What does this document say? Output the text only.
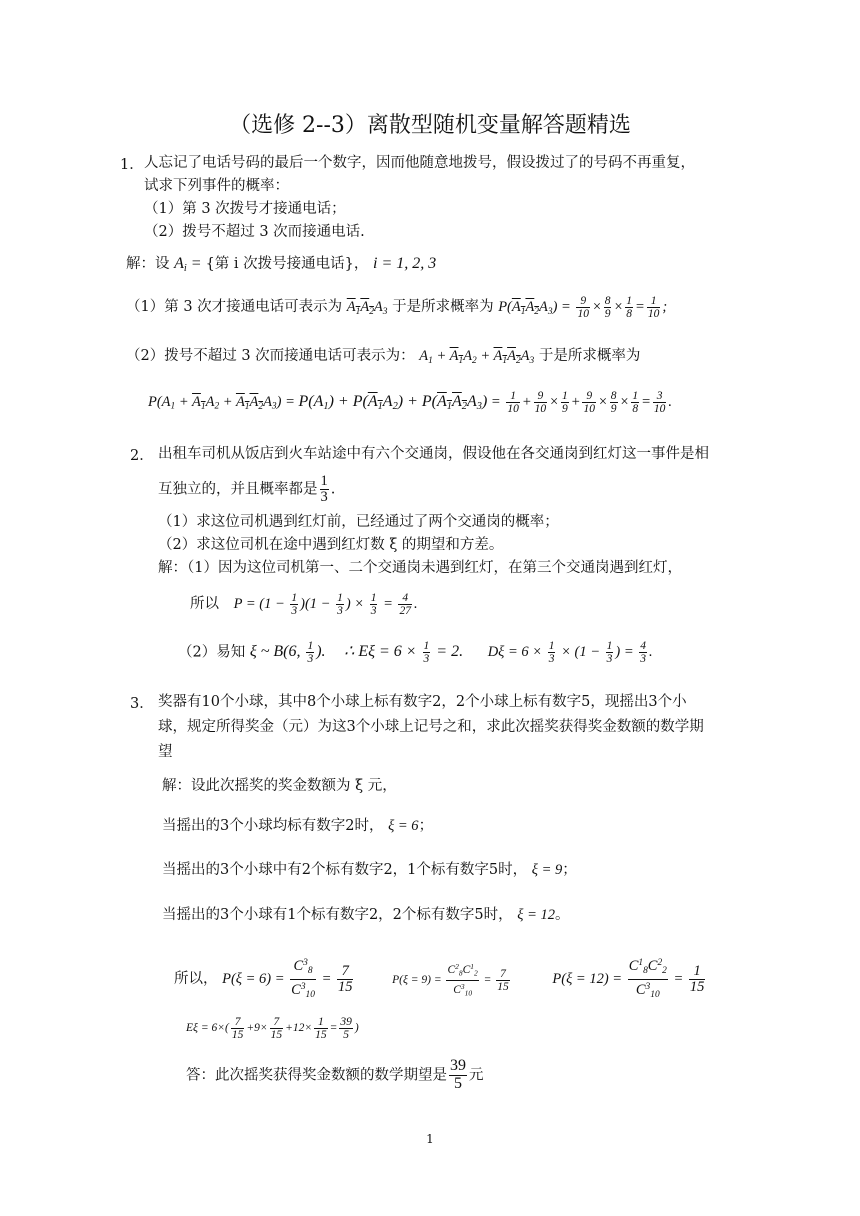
（选修 2--3）离散型随机变量解答题精选
1． 人忘记了电话号码的最后一个数字，因而他随意地拨号，假设拨过了的号码不再重复，
试求下列事件的概率：
（1）第 3 次拨号才接通电话；
（2）拨号不超过 3 次而接通电话.
解：设 $A_i$ = {第 i 次拨号接通电话}， i = 1, 2, 3
（1）第 3 次才接通电话可表示为 $A_1A_2A_3$ 于是所求概率为 $P(A_1A_2A_3) = \frac{9}{10} \times \frac{8}{9} \times \frac{1}{8} = \frac{1}{10}$ ;
（2）拨号不超过 3 次而接通电话可表示为： $A_1 + A_1A_2 + A_1A_2A_3$ 于是所求概率为
$P(A_1 + A_1A_2 + A_1A_2A_3) = P(A_1) + P(A_1A_2) + P(A_1A_2A_3) = \frac{1}{10} + \frac{9}{10} \times \frac{1}{9} + \frac{9}{10} \times \frac{8}{9} \times \frac{1}{8} = \frac{3}{10}$ .
2． 出租车司机从饭店到火车站途中有六个交通岗，假设他在各交通岗到红灯这一事件是相
互独立的，并且概率都是 $\frac{1}{3}$ .
（1）求这位司机遇到红灯前，已经通过了两个交通岗的概率；
（2）求这位司机在途中遇到红灯数 ξ 的期望和方差。
解：（1）因为这位司机第一、二个交通岗未遇到红灯，在第三个交通岗遇到红灯，
所以 $P = (1 - \frac{1}{3} )(1 - \frac{1}{3}$ ) × $\frac{1}{3} = \frac{4}{27}$ .
（2）易知 ξ ~ B(6, $\frac{1}{3}$ ). ∴ $E\xi = 6 \times \frac{1}{3} = 2$. $D\xi = 6 \times \frac{1}{3} \times (1 - \frac{1}{3}$ ) = $\frac{4}{3}$ .
3． 奖器有10个小球，其中8个小球上标有数字2，2个小球上标有数字5，现摇出3个小
球，规定所得奖金（元）为这3个小球上记号之和，求此次摇奖获得奖金数额的数学期
望
解：设此次摇奖的奖金数额为 ξ 元，
当摇出的3个小球均标有数字2时， ξ = 6；
当摇出的3个小球中有2个标有数字2，1个标有数字5时， ξ = 9；
当摇出的3个小球有1个标有数字2，2个标有数字5时， ξ = 12。
所以， $P(\xi = 6) = \frac{C^3_8}{C^3_{10}} = \frac{7}{15}$	$P(\xi = 9) = \frac{C^2_8C^1_2}{C^3_{10}} = \frac{7}{15}$	$P(\xi = 12) = \frac{C^1_8C^2_2}{C^3_{10}} = \frac{1}{15}$
$E\xi = 6\times( \frac{7}{15} +9\times \frac{7}{15} +12\times \frac{1}{15} = \frac{39}{5}$ )
答：此次摇奖获得奖金数额的数学期望是 $\frac{39}{5}$ 元
1
